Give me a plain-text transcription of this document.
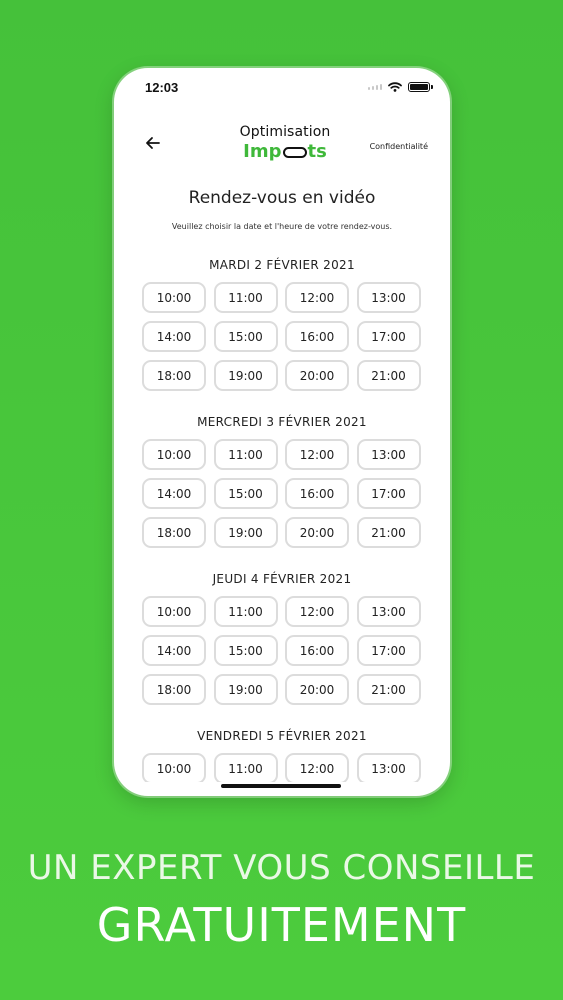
12:03
Optimisation
Imp ts	Confidentialité
Rendez-vous en vidéo
Veuillez choisir la date et l'heure de votre rendez-vous.
MARDI 2 FÉVRIER 2021
10:00	11:00	12:00	13:00
14:00	15:00	16:00	17:00
18:00	19:00	20:00	21:00
MERCREDI 3 FÉVRIER 2021
10:00	11:00	12:00	13:00
14:00	15:00	16:00	17:00
18:00	19:00	20:00	21:00
JEUDI 4 FÉVRIER 2021
10:00	11:00	12:00	13:00
14:00	15:00	16:00	17:00
18:00	19:00	20:00	21:00
VENDREDI 5 FÉVRIER 2021
10:00	11:00	12:00	13:00
UN EXPERT VOUS CONSEILLE
GRATUITEMENT
